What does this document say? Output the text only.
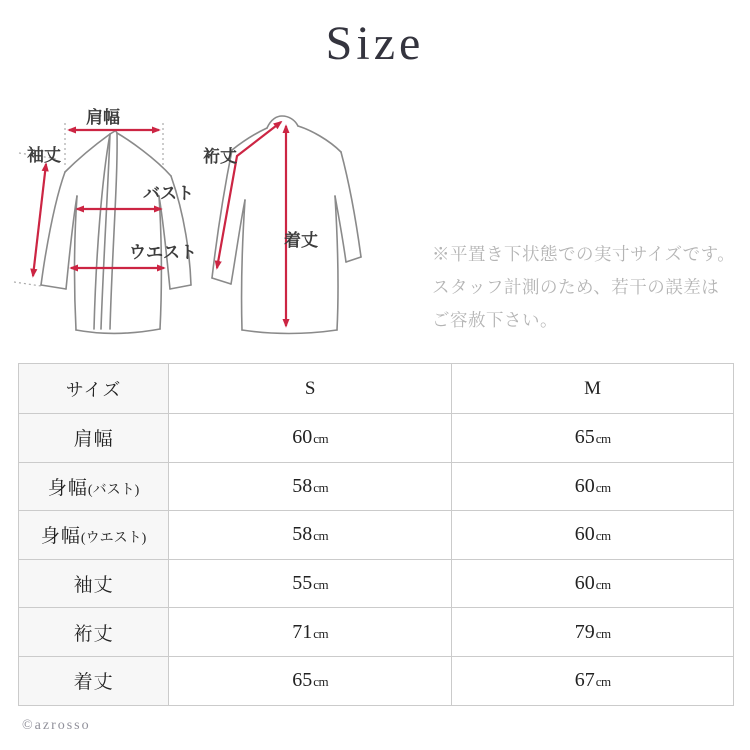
Size
肩幅
袖丈
バスト
ウエスト
裄丈
着丈

※平置き下状態での実寸サイズです。

スタッフ計測のため、若干の誤差は

ご容赦下さい。

サイズ	S	M
肩幅	60cm	65cm
身幅(バスト)	58cm	60cm
身幅(ウエスト)	58cm	60cm
袖丈	55cm	60cm
裄丈	71cm	79cm
着丈	65cm	67cm
©azrosso
